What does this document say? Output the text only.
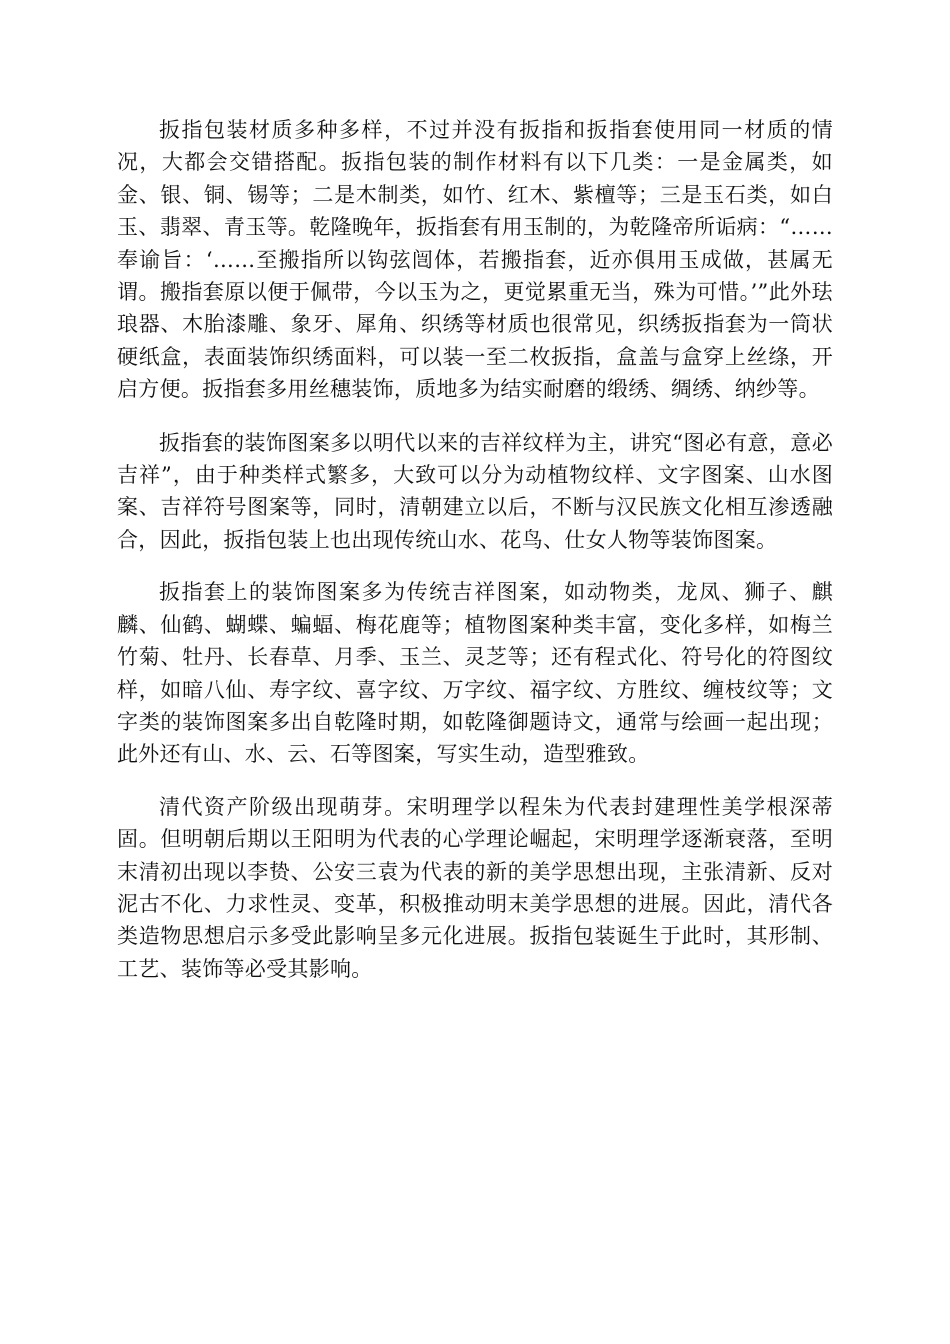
扳指包装材质多种多样，不过并没有扳指和扳指套使用同一材质的情况，大都会交错搭配。扳指包装的制作材料有以下几类：一是金属类，如金、银、铜、锡等；二是木制类，如竹、红木、紫檀等；三是玉石类，如白玉、翡翠、青玉等。乾隆晚年，扳指套有用玉制的，为乾隆帝所诟病：“……奉谕旨：‘……至搬指所以钩弦闿体，若搬指套，近亦俱用玉成做，甚属无谓。搬指套原以便于佩带，今以玉为之，更觉累重无当，殊为可惜。’”此外珐琅器、木胎漆雕、象牙、犀角、织绣等材质也很常见，织绣扳指套为一筒状硬纸盒，表面装饰织绣面料，可以装一至二枚扳指，盒盖与盒穿上丝绦，开启方便。扳指套多用丝穗装饰，质地多为结实耐磨的缎绣、绸绣、纳纱等。

扳指套的装饰图案多以明代以来的吉祥纹样为主，讲究“图必有意，意必吉祥”，由于种类样式繁多，大致可以分为动植物纹样、文字图案、山水图案、吉祥符号图案等，同时，清朝建立以后，不断与汉民族文化相互渗透融合，因此，扳指包装上也出现传统山水、花鸟、仕女人物等装饰图案。

扳指套上的装饰图案多为传统吉祥图案，如动物类，龙凤、狮子、麒麟、仙鹤、蝴蝶、蝙蝠、梅花鹿等；植物图案种类丰富，变化多样，如梅兰竹菊、牡丹、长春草、月季、玉兰、灵芝等；还有程式化、符号化的符图纹样，如暗八仙、寿字纹、喜字纹、万字纹、福字纹、方胜纹、缠枝纹等；文字类的装饰图案多出自乾隆时期，如乾隆御题诗文，通常与绘画一起出现；此外还有山、水、云、石等图案，写实生动，造型雅致。

清代资产阶级出现萌芽。宋明理学以程朱为代表封建理性美学根深蒂固。但明朝后期以王阳明为代表的心学理论崛起，宋明理学逐渐衰落，至明末清初出现以李贽、公安三袁为代表的新的美学思想出现，主张清新、反对泥古不化、力求性灵、变革，积极推动明末美学思想的进展。因此，清代各类造物思想启示多受此影响呈多元化进展。扳指包装诞生于此时，其形制、工艺、装饰等必受其影响。
